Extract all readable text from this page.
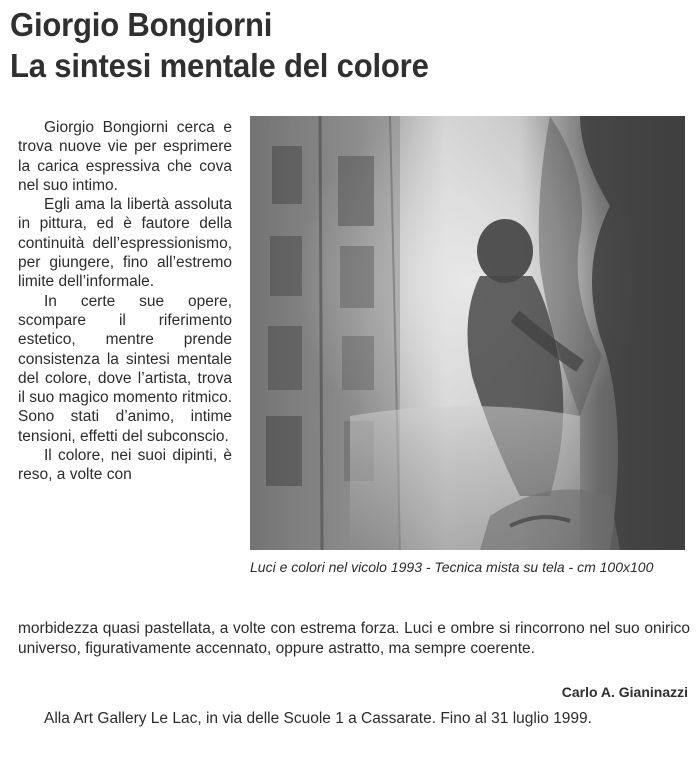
Giorgio Bongiorni
La sintesi mentale del colore

Giorgio Bongiorni cerca e trova nuove vie per esprimere la carica espressiva che cova nel suo intimo.

Egli ama la libertà assoluta in pittura, ed è fautore della continuità dell’espressionismo, per giungere, fino all’estremo limite dell’informale.

In certe sue opere, scompare il riferimento estetico, mentre prende consistenza la sintesi mentale del colore, dove l’artista, trova il suo magico momento ritmico. Sono stati d’animo, intime tensioni, effetti del subconscio.

Il colore, nei suoi dipinti, è reso, a volte con

Luci e colori nel vicolo 1993 - Tecnica mista su tela - cm 100x100
morbidezza quasi pastellata, a volte con estrema forza. Luci e ombre si rincorrono nel suo onirico universo, figurativamente accennato, oppure astratto, ma sempre coerente.
Carlo A. Gianinazzi
Alla Art Gallery Le Lac, in via delle Scuole 1 a Cassarate. Fino al 31 luglio 1999.
